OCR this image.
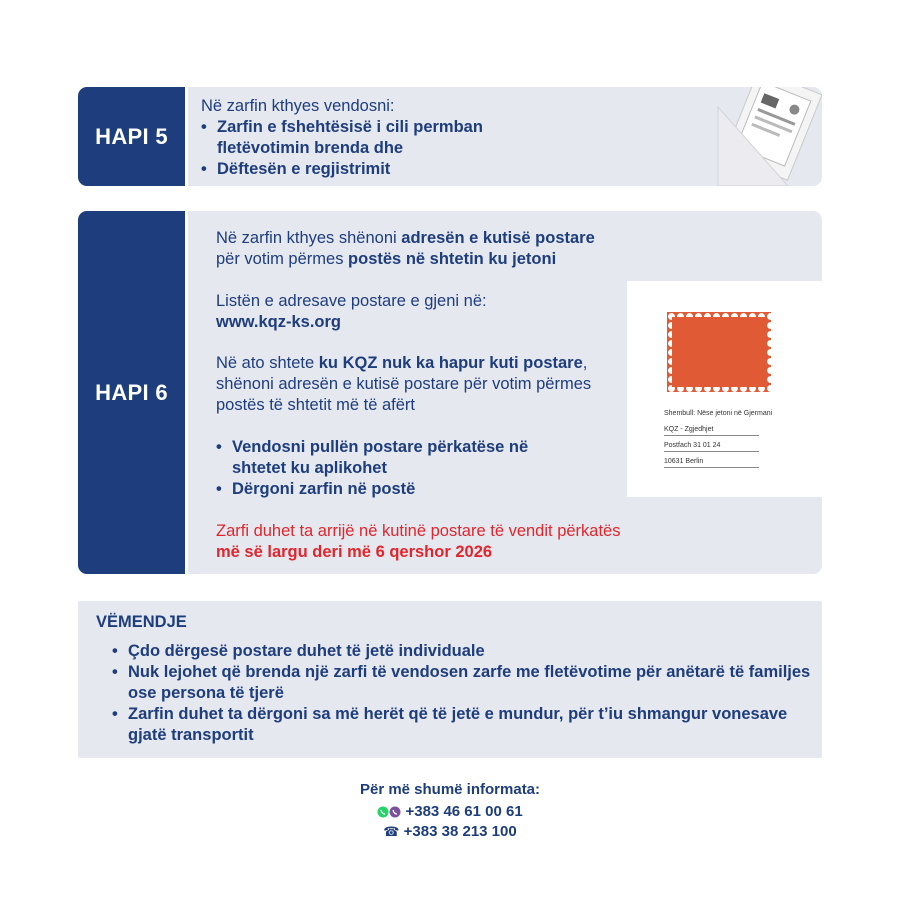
HAPI 5
Në zarfin kthyes vendosni:
• Zarfin e fshehtësisë i cili permban fletëvotimin brenda dhe
• Dëftesën e regjistrimit
HAPI 6
Në zarfin kthyes shënoni adresën e kutisë postare për votim përmes postës në shtetin ku jetoni
Listën e adresave postare e gjeni në:
www.kqz-ks.org
Në ato shtete ku KQZ nuk ka hapur kuti postare, shënoni adresën e kutisë postare për votim përmes postës të shtetit më të afërt
• Vendosni pullën postare përkatëse në shtetet ku aplikohet
• Dërgoni zarfin në postë
Zarfi duhet ta arrijë në kutinë postare të vendit përkatës
më së largu deri më 6 qershor 2026
Shembull: Nëse jetoni në Gjermani
KQZ - Zgjedhjet
Postfach 31 01 24
10631 Berlin
VËMENDJE
• Çdo dërgesë postare duhet të jetë individuale
• Nuk lejohet që brenda një zarfi të vendosen zarfe me fletëvotime për anëtarë të familjes ose persona të tjerë
• Zarfin duhet ta dërgoni sa më herët që të jetë e mundur, për t’iu shmangur vonesave gjatë transportit
Për më shumë informata:
+383 46 61 00 61
☎ +383 38 213 100
